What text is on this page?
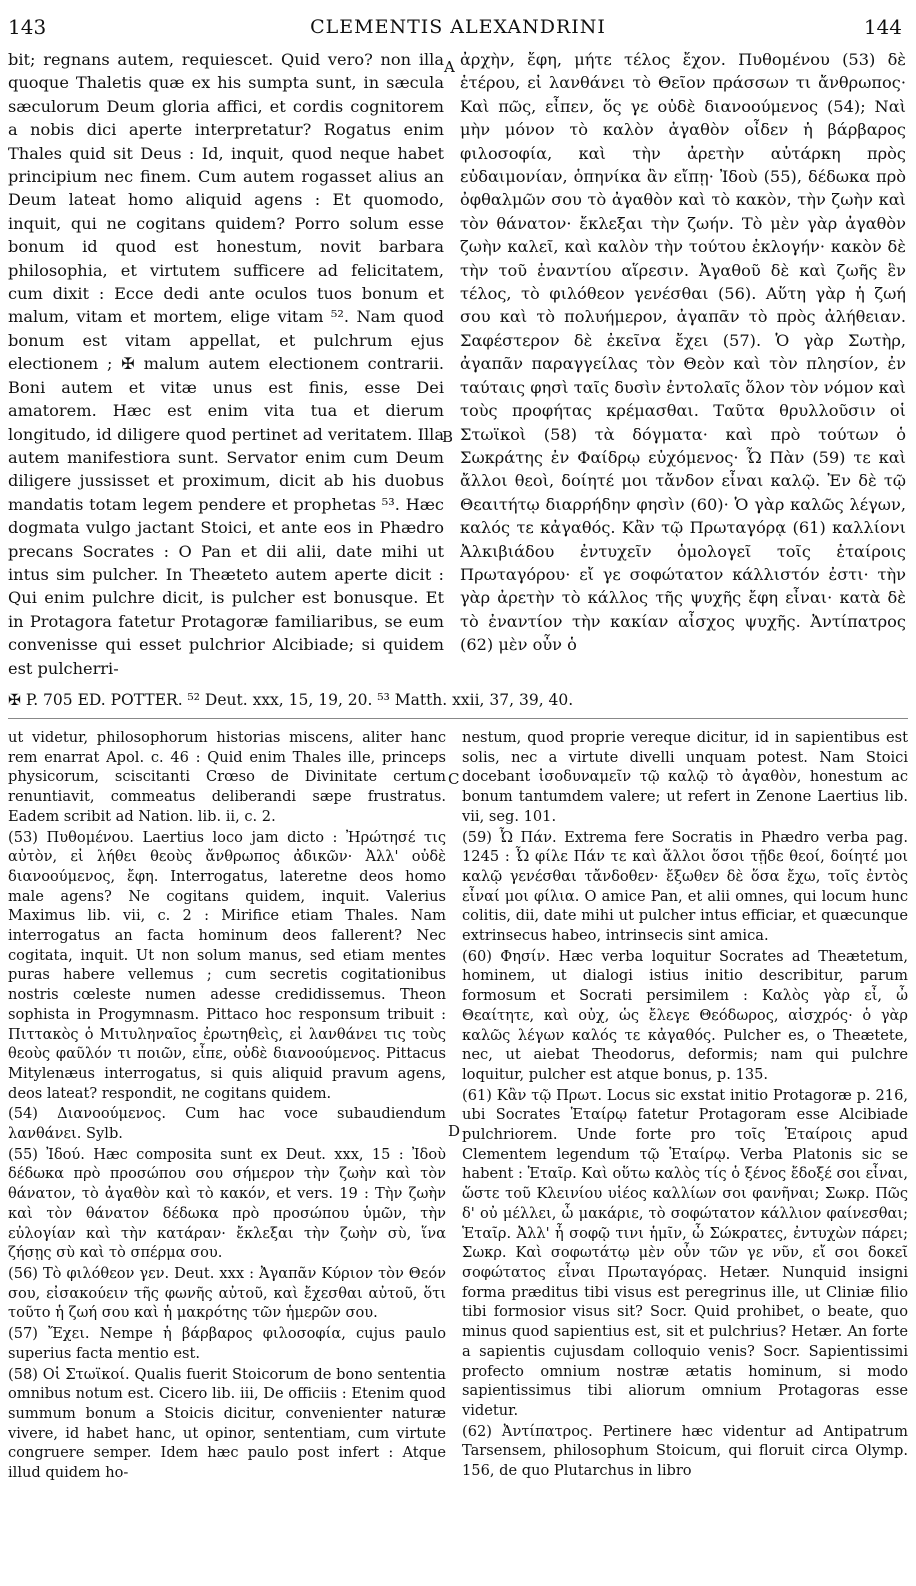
143	CLEMENTIS ALEXANDRINI	144

bit; regnans autem, requiescet. Quid vero? non illa quoque Thaletis quæ ex his sumpta sunt, in sæcula sæculorum Deum gloria affici, et cordis cognitorem a nobis dici aperte interpretatur? Rogatus enim Thales quid sit Deus : Id, inquit, quod neque habet principium nec finem. Cum autem rogasset alius an Deum lateat homo aliquid agens : Et quomodo, inquit, qui ne cogitans quidem? Porro solum esse bonum id quod est honestum, novit barbara philosophia, et virtutem sufficere ad felicitatem, cum dixit : Ecce dedi ante oculos tuos bonum et malum, vitam et mortem, elige vitam ⁵². Nam quod bonum est vitam appellat, et pulchrum ejus electionem ; ✠ malum autem electionem contrarii. Boni autem et vitæ unus est finis, esse Dei amatorem. Hæc est enim vita tua et dierum longitudo, id diligere quod pertinet ad veritatem. Illa autem manifestiora sunt. Servator enim cum Deum diligere jussisset et proximum, dicit ab his duobus mandatis totam legem pendere et prophetas ⁵³. Hæc dogmata vulgo jactant Stoici, et ante eos in Phædro precans Socrates : O Pan et dii alii, date mihi ut intus sim pulcher. In Theæteto autem aperte dicit : Qui enim pulchre dicit, is pulcher est bonusque. Et in Protagora fatetur Protagoræ familiaribus, se eum convenisse qui esset pulchrior Alcibiade; si quidem est pulcherri-

ἀρχὴν, ἔφη, μήτε τέλος ἔχον. Πυθομένου (53) δὲ ἑτέρου, εἰ λανθάνει τὸ Θεῖον πράσσων τι ἄνθρωπος· Καὶ πῶς, εἶπεν, ὅς γε οὐδὲ διανοούμενος (54); Ναὶ μὴν μόνον τὸ καλὸν ἀγαθὸν οἶδεν ἡ βάρβαρος φιλοσοφία, καὶ τὴν ἀρετὴν αὐτάρκη πρὸς εὐδαιμονίαν, ὁπηνίκα ἂν εἴπῃ· Ἰδοὺ (55), δέδωκα πρὸ ὀφθαλμῶν σου τὸ ἀγαθὸν καὶ τὸ κακὸν, τὴν ζωὴν καὶ τὸν θάνατον· ἔκλεξαι τὴν ζωήν. Τὸ μὲν γὰρ ἀγαθὸν ζωὴν καλεῖ, καὶ καλὸν τὴν τούτου ἐκλογήν· κακὸν δὲ τὴν τοῦ ἐναντίου αἵρεσιν. Ἀγαθοῦ δὲ καὶ ζωῆς ἓν τέλος, τὸ φιλόθεον γενέσθαι (56). Αὕτη γὰρ ἡ ζωή σου καὶ τὸ πολυήμερον, ἀγαπᾶν τὸ πρὸς ἀλήθειαν. Σαφέστερον δὲ ἐκεῖνα ἔχει (57). Ὁ γὰρ Σωτὴρ, ἀγαπᾶν παραγγείλας τὸν Θεὸν καὶ τὸν πλησίον, ἐν ταύταις φησὶ ταῖς δυσὶν ἐντολαῖς ὅλον τὸν νόμον καὶ τοὺς προφήτας κρέμασθαι. Ταῦτα θρυλλοῦσιν οἱ Στωϊκοὶ (58) τὰ δόγματα· καὶ πρὸ τούτων ὁ Σωκράτης ἐν Φαίδρῳ εὐχόμενος· Ὦ Πὰν (59) τε καὶ ἄλλοι θεοὶ, δοίητέ μοι τἄνδον εἶναι καλῷ. Ἐν δὲ τῷ Θεαιτήτῳ διαρρήδην φησὶν (60)· Ὁ γὰρ καλῶς λέγων, καλός τε κἀγαθός. Κἂν τῷ Πρωταγόρᾳ (61) καλλίονι Ἀλκιβιάδου ἐντυχεῖν ὁμολογεῖ τοῖς ἑταίροις Πρωταγόρου· εἴ γε σοφώτατον κάλλιστόν ἐστι· τὴν γὰρ ἀρετὴν τὸ κάλλος τῆς ψυχῆς ἔφη εἶναι· κατὰ δὲ τὸ ἐναντίον τὴν κακίαν αἶσχος ψυχῆς. Ἀντίπατρος (62) μὲν οὖν ὁ

A
B
C
D
✠ P. 705 ED. POTTER. ⁵² Deut. xxx, 15, 19, 20. ⁵³ Matth. xxii, 37, 39, 40.

ut videtur, philosophorum historias miscens, aliter hanc rem enarrat Apol. c. 46 : Quid enim Thales ille, princeps physicorum, sciscitanti Crœso de Divinitate certum renuntiavit, commeatus deliberandi sæpe frustratus. Eadem scribit ad Nation. lib. ii, c. 2.

(53) Πυθομένου. Laertius loco jam dicto : Ἠρώτησέ τις αὐτὸν, εἰ λήθει θεοὺς ἄνθρωπος ἀδικῶν· Ἀλλ' οὐδὲ διανοούμενος, ἔφη. Interrogatus, lateretne deos homo male agens? Ne cogitans quidem, inquit. Valerius Maximus lib. vii, c. 2 : Mirifice etiam Thales. Nam interrogatus an facta hominum deos fallerent? Nec cogitata, inquit. Ut non solum manus, sed etiam mentes puras habere vellemus ; cum secretis cogitationibus nostris cœleste numen adesse credidissemus. Theon sophista in Progymnasm. Pittaco hoc responsum tribuit : Πιττακὸς ὁ Μιτυληναῖος ἐρωτηθεὶς, εἰ λανθάνει τις τοὺς θεοὺς φαῦλόν τι ποιῶν, εἶπε, οὐδὲ διανοούμενος. Pittacus Mitylenæus interrogatus, si quis aliquid pravum agens, deos lateat? respondit, ne cogitans quidem.

(54) Διανοούμενος. Cum hac voce subaudiendum λανθάνει. Sylb.

(55) Ἰδού. Hæc composita sunt ex Deut. xxx, 15 : Ἰδοὺ δέδωκα πρὸ προσώπου σου σήμερον τὴν ζωὴν καὶ τὸν θάνατον, τὸ ἀγαθὸν καὶ τὸ κακόν, et vers. 19 : Τὴν ζωὴν καὶ τὸν θάνατον δέδωκα πρὸ προσώπου ὑμῶν, τὴν εὐλογίαν καὶ τὴν κατάραν· ἔκλεξαι τὴν ζωὴν σὺ, ἵνα ζήσῃς σὺ καὶ τὸ σπέρμα σου.

(56) Τὸ φιλόθεον γεν. Deut. xxx : Ἀγαπᾶν Κύριον τὸν Θεόν σου, εἰσακούειν τῆς φωνῆς αὐτοῦ, καὶ ἔχεσθαι αὐτοῦ, ὅτι τοῦτο ἡ ζωή σου καὶ ἡ μακρότης τῶν ἡμερῶν σου.

(57) Ἔχει. Nempe ἡ βάρβαρος φιλοσοφία, cujus paulo superius facta mentio est.

(58) Οἱ Στωϊκοί. Qualis fuerit Stoicorum de bono sententia omnibus notum est. Cicero lib. iii, De officiis : Etenim quod summum bonum a Stoicis dicitur, convenienter naturæ vivere, id habet hanc, ut opinor, sententiam, cum virtute congruere semper. Idem hæc paulo post infert : Atque illud quidem ho-

nestum, quod proprie vereque dicitur, id in sapientibus est solis, nec a virtute divelli unquam potest. Nam Stoici docebant ἰσοδυναμεῖν τῷ καλῷ τὸ ἀγαθὸν, honestum ac bonum tantumdem valere; ut refert in Zenone Laertius lib. vii, seg. 101.

(59) Ὦ Πάν. Extrema fere Socratis in Phædro verba pag. 1245 : Ὦ φίλε Πάν τε καὶ ἄλλοι ὅσοι τῇδε θεοί, δοίητέ μοι καλῷ γενέσθαι τἄνδοθεν· ἔξωθεν δὲ ὅσα ἔχω, τοῖς ἐντὸς εἶναί μοι φίλια. O amice Pan, et alii omnes, qui locum hunc colitis, dii, date mihi ut pulcher intus efficiar, et quæcunque extrinsecus habeo, intrinsecis sint amica.

(60) Φησίν. Hæc verba loquitur Socrates ad Theætetum, hominem, ut dialogi istius initio describitur, parum formosum et Socrati persimilem : Καλὸς γὰρ εἶ, ὦ Θεαίτητε, καὶ οὐχ, ὡς ἔλεγε Θεόδωρος, αἰσχρός· ὁ γὰρ καλῶς λέγων καλός τε κἀγαθός. Pulcher es, o Theætete, nec, ut aiebat Theodorus, deformis; nam qui pulchre loquitur, pulcher est atque bonus, p. 135.

(61) Κἂν τῷ Πρωτ. Locus sic exstat initio Protagoræ p. 216, ubi Socrates Ἑταίρῳ fatetur Protagoram esse Alcibiade pulchriorem. Unde forte pro τοῖς Ἑταίροις apud Clementem legendum τῷ Ἑταίρῳ. Verba Platonis sic se habent : Ἑταῖρ. Καὶ οὕτω καλὸς τίς ὁ ξένος ἔδοξέ σοι εἶναι, ὥστε τοῦ Κλεινίου υἱέος καλλίων σοι φανῆναι; Σωκρ. Πῶς δ' οὐ μέλλει, ὦ μακάριε, τὸ σοφώτατον κάλλιον φαίνεσθαι; Ἑταῖρ. Ἀλλ' ἦ σοφῷ τινι ἡμῖν, ὦ Σώκρατες, ἐντυχὼν πάρει; Σωκρ. Καὶ σοφωτάτῳ μὲν οὖν τῶν γε νῦν, εἴ σοι δοκεῖ σοφώτατος εἶναι Πρωταγόρας. Hetær. Nunquid insigni forma præditus tibi visus est peregrinus ille, ut Cliniæ filio tibi formosior visus sit? Socr. Quid prohibet, o beate, quo minus quod sapientius est, sit et pulchrius? Hetær. An forte a sapientis cujusdam colloquio venis? Socr. Sapientissimi profecto omnium nostræ ætatis hominum, si modo sapientissimus tibi aliorum omnium Protagoras esse videtur.

(62) Ἀντίπατρος. Pertinere hæc videntur ad Antipatrum Tarsensem, philosophum Stoicum, qui floruit circa Olymp. 156, de quo Plutarchus in libro
